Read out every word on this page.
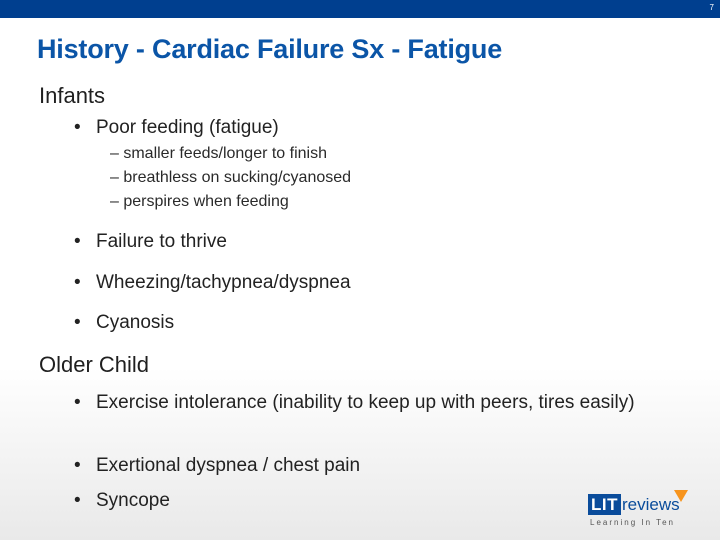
7
History - Cardiac Failure Sx - Fatigue
Infants
• Poor feeding (fatigue)
– smaller feeds/longer to finish
– breathless on sucking/cyanosed
– perspires when feeding
• Failure to thrive
• Wheezing/tachypnea/dyspnea
• Cyanosis
Older Child
• Exercise intolerance (inability to keep up with peers, tires easily)
• Exertional dyspnea / chest pain
• Syncope	LIT reviews
Learning In Ten
